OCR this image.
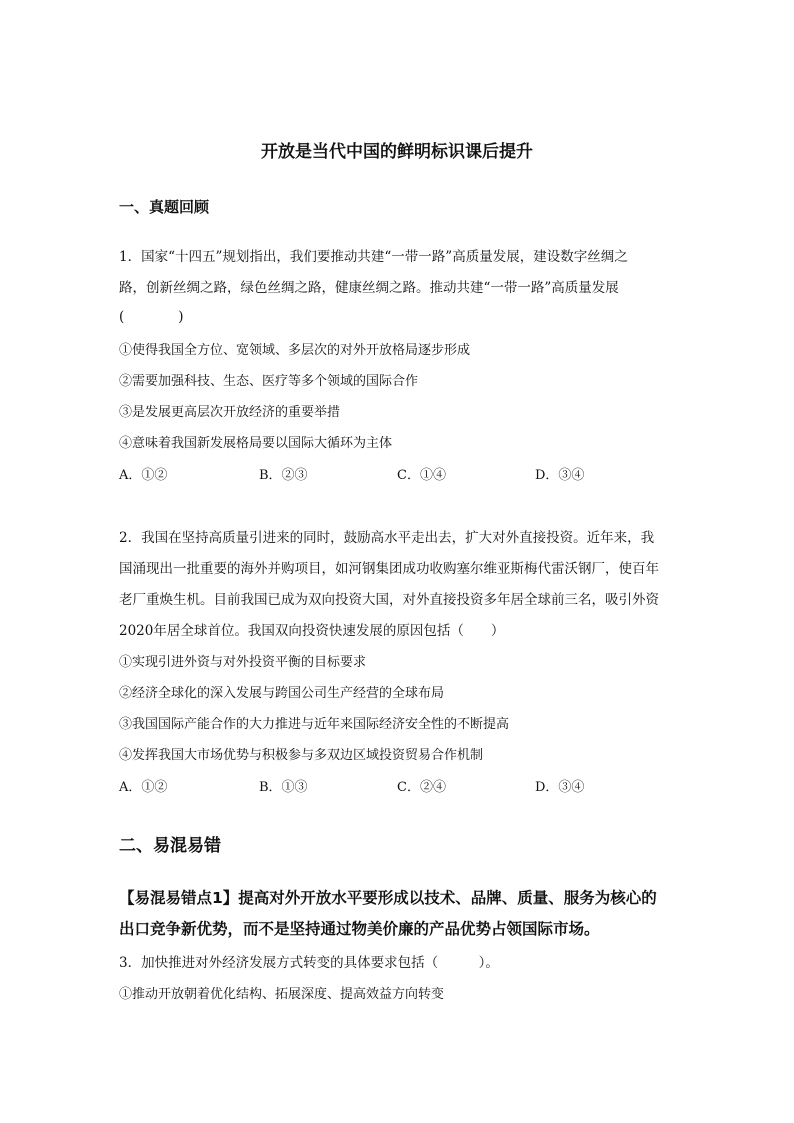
开放是当代中国的鲜明标识课后提升
一、真题回顾
1．国家“十四五”规划指出，我们要推动共建“一带一路”高质量发展，建设数字丝绸之
路，创新丝绸之路，绿色丝绸之路，健康丝绸之路。推动共建“一带一路”高质量发展
(　　　　)
①使得我国全方位、宽领域、多层次的对外开放格局逐步形成
②需要加强科技、生态、医疗等多个领域的国际合作
③是发展更高层次开放经济的重要举措
④意味着我国新发展格局要以国际大循环为主体
A．①②	B．②③	C．①④	D．③④
2．我国在坚持高质量引进来的同时，鼓励高水平走出去，扩大对外直接投资。近年来，我
国涌现出一批重要的海外并购项目，如河钢集团成功收购塞尔维亚斯梅代雷沃钢厂，使百年
老厂重焕生机。目前我国已成为双向投资大国，对外直接投资多年居全球前三名，吸引外资
2020年居全球首位。我国双向投资快速发展的原因包括（　　）
①实现引进外资与对外投资平衡的目标要求
②经济全球化的深入发展与跨国公司生产经营的全球布局
③我国国际产能合作的大力推进与近年来国际经济安全性的不断提高
④发挥我国大市场优势与积极参与多双边区域投资贸易合作机制
A．①②	B．①③	C．②④	D．③④
二、易混易错
【易混易错点1】提高对外开放水平要形成以技术、品牌、质量、服务为核心的
出口竞争新优势，而不是坚持通过物美价廉的产品优势占领国际市场。
3．加快推进对外经济发展方式转变的具体要求包括（　　　）。
①推动开放朝着优化结构、拓展深度、提高效益方向转变
